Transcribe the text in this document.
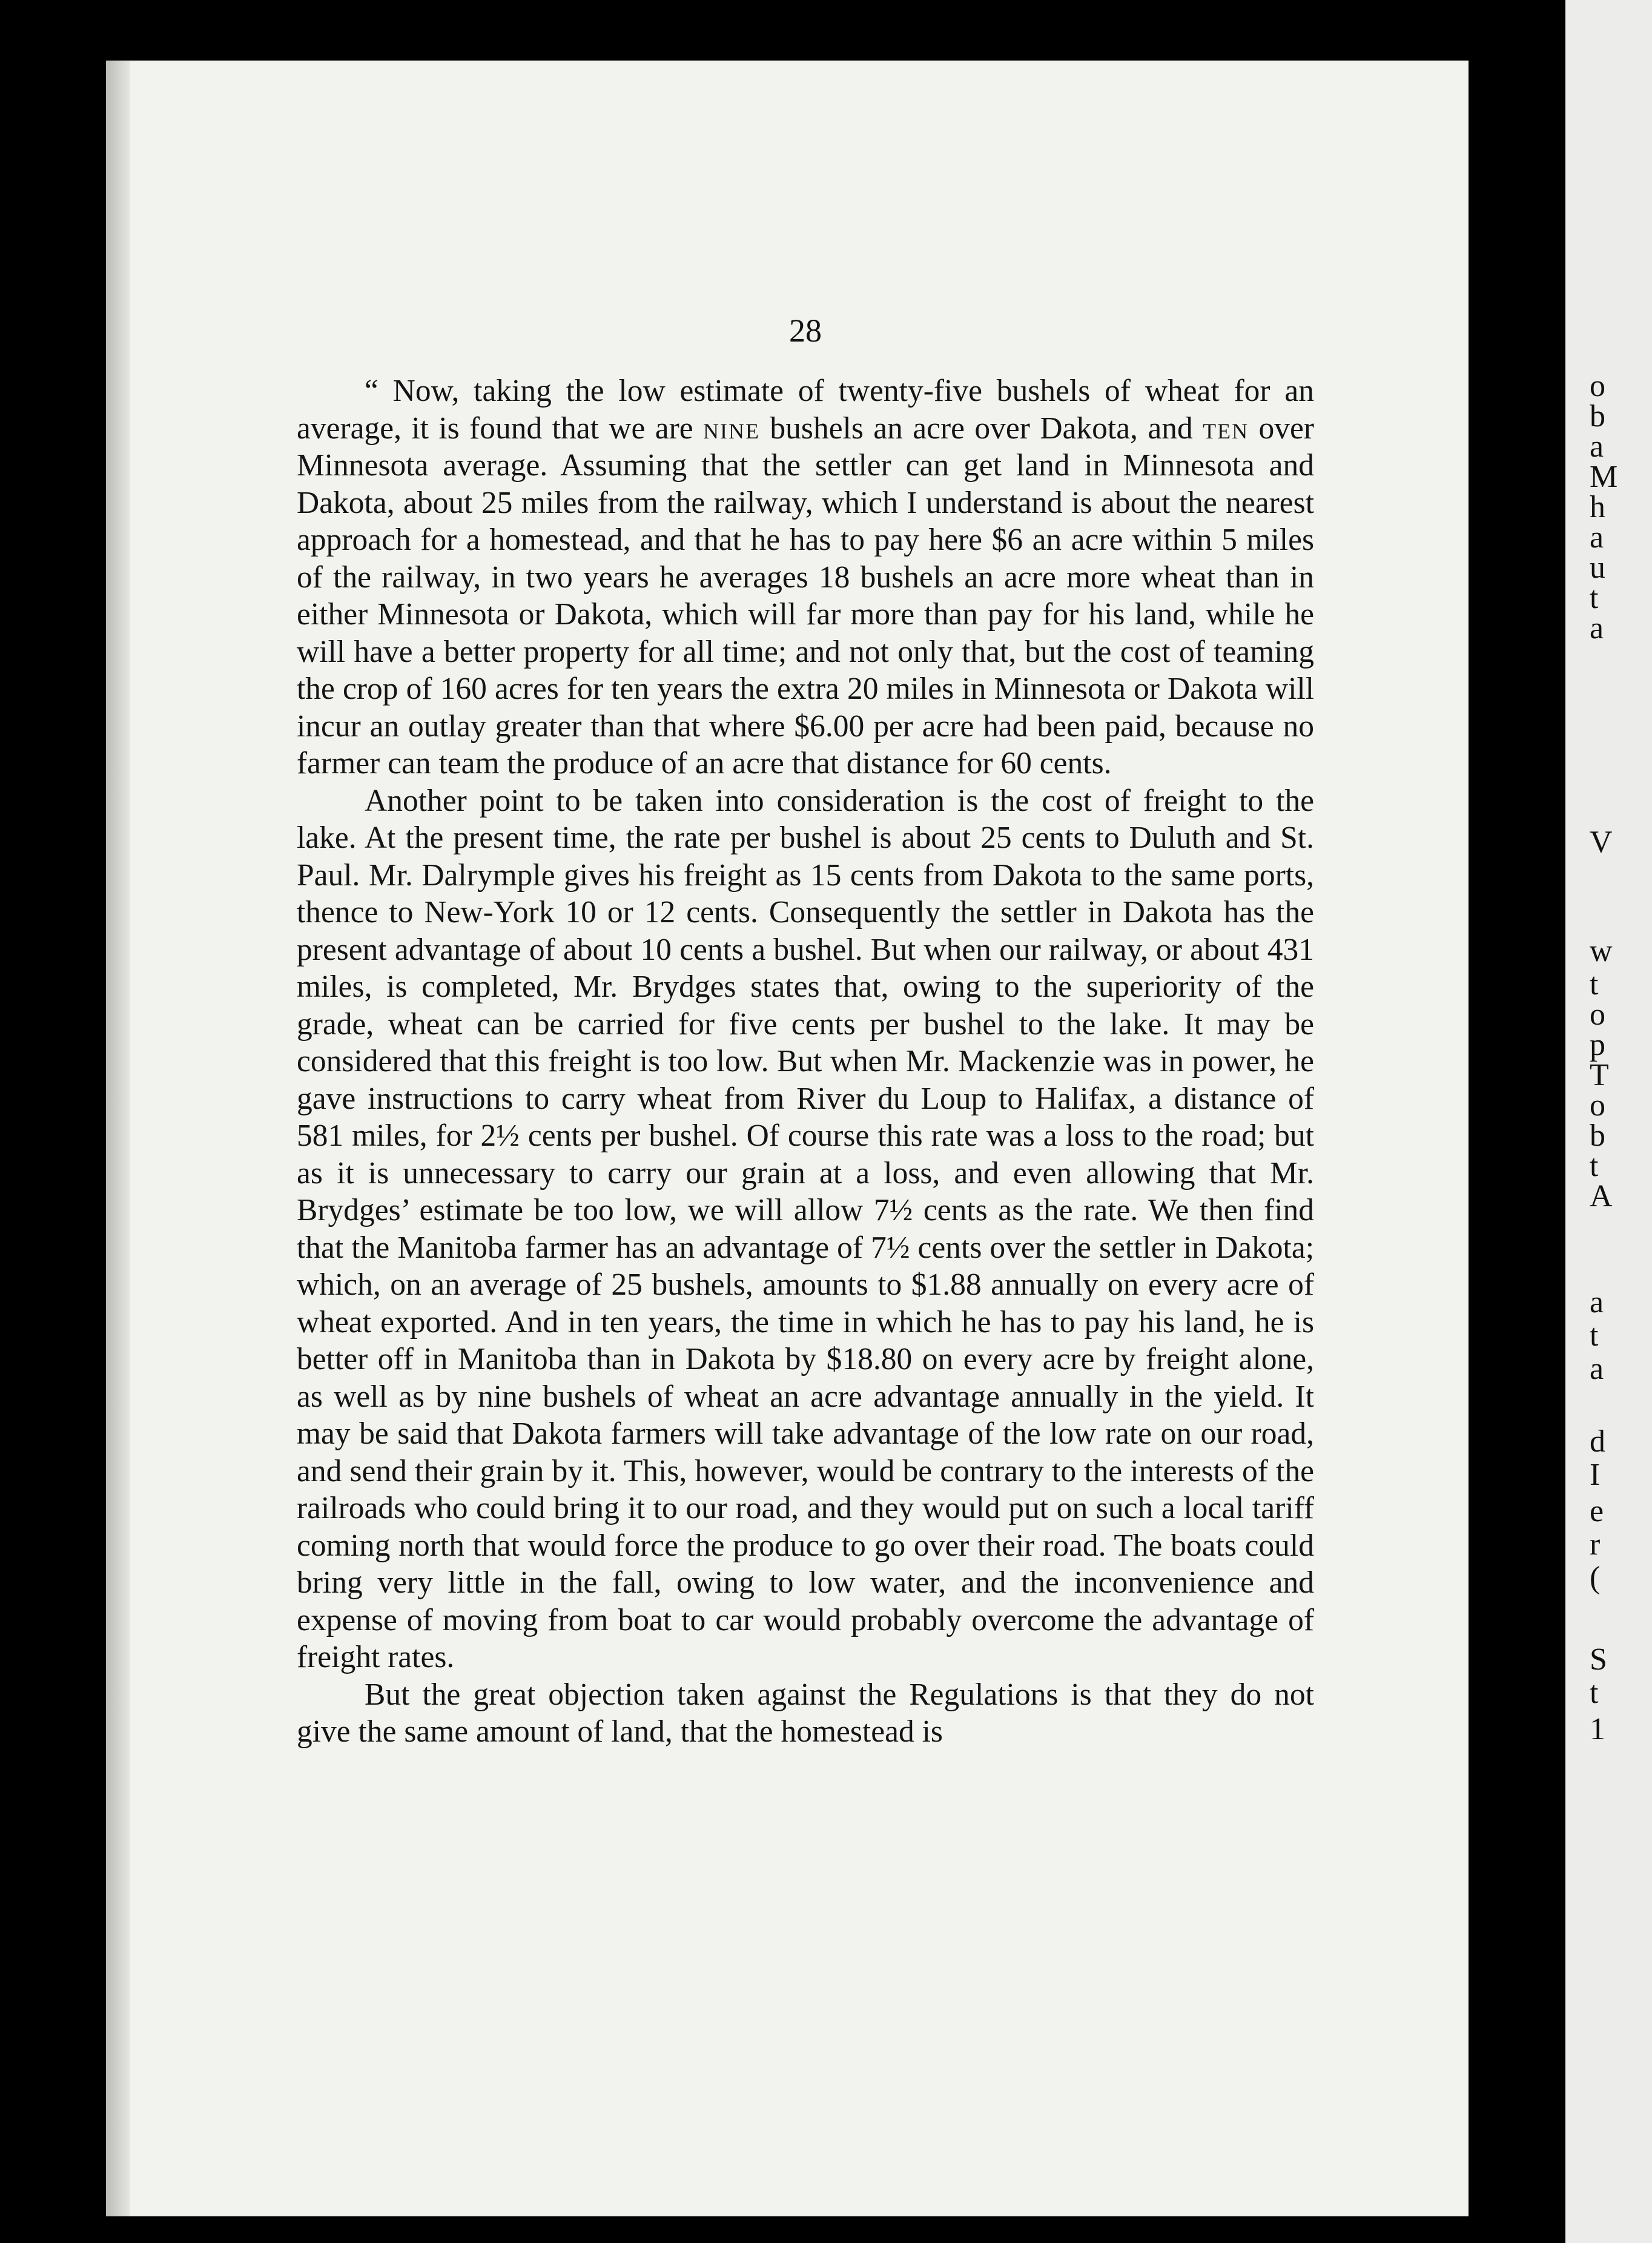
o
b
a
M
h
a
u
t
a
V
w
t
o
p
T
o
b
t
A
a
t
a
d
I
e
r
(
S
t
1
28

“ Now, taking the low estimate of twenty-five bushels of wheat for an average, it is found that we are nine bushels an acre over Dakota, and ten over Minnesota average. Assuming that the settler can get land in Minnesota and Dakota, about 25 miles from the railway, which I understand is about the nearest approach for a homestead, and that he has to pay here $6 an acre within 5 miles of the railway, in two years he averages 18 bushels an acre more wheat than in either Minnesota or Dakota, which will far more than pay for his land, while he will have a better property for all time; and not only that, but the cost of teaming the crop of 160 acres for ten years the extra 20 miles in Minnesota or Dakota will incur an outlay greater than that where $6.00 per acre had been paid, because no farmer can team the produce of an acre that distance for 60 cents.

Another point to be taken into consideration is the cost of freight to the lake. At the present time, the rate per bushel is about 25 cents to Duluth and St. Paul. Mr. Dalrymple gives his freight as 15 cents from Dakota to the same ports, thence to New-York 10 or 12 cents. Consequently the settler in Dakota has the present advantage of about 10 cents a bushel. But when our railway, or about 431 miles, is completed, Mr. Brydges states that, owing to the superiority of the grade, wheat can be carried for five cents per bushel to the lake. It may be considered that this freight is too low. But when Mr. Mackenzie was in power, he gave instructions to carry wheat from River du Loup to Halifax, a distance of 581 miles, for 2½ cents per bushel. Of course this rate was a loss to the road; but as it is unnecessary to carry our grain at a loss, and even allowing that Mr. Brydges’ estimate be too low, we will allow 7½ cents as the rate. We then find that the Manitoba farmer has an advantage of 7½ cents over the settler in Dakota; which, on an average of 25 bushels, amounts to $1.88 annually on every acre of wheat exported. And in ten years, the time in which he has to pay his land, he is better off in Manitoba than in Dakota by $18.80 on every acre by freight alone, as well as by nine bushels of wheat an acre advantage annually in the yield. It may be said that Dakota farmers will take advantage of the low rate on our road, and send their grain by it. This, however, would be contrary to the interests of the railroads who could bring it to our road, and they would put on such a local tariff coming north that would force the produce to go over their road. The boats could bring very little in the fall, owing to low water, and the inconvenience and expense of moving from boat to car would probably overcome the advantage of freight rates.

But the great objection taken against the Regulations is that they do not give the same amount of land, that the homestead is
